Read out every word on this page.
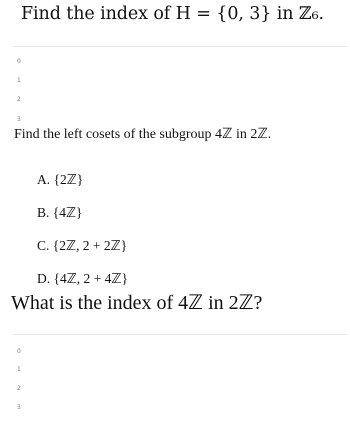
Find the index of H = {0, 3} in ℤ₆.
0
1
2
3
Find the left cosets of the subgroup 4ℤ in 2ℤ.
A. {2ℤ}
B. {4ℤ}
C. {2ℤ, 2 + 2ℤ}
D. {4ℤ, 2 + 4ℤ}
What is the index of 4ℤ in 2ℤ?
0
1
2
3
